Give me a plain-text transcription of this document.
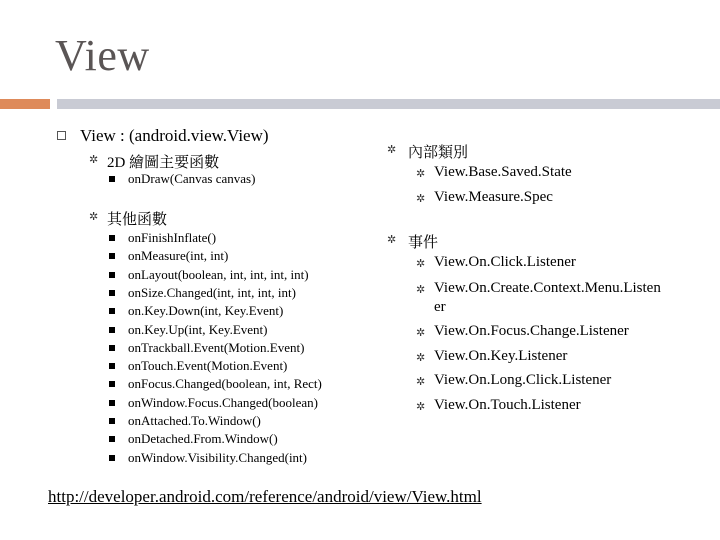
View
View : (android.view.View)
✲ 2D 繪圖主要函數
onDraw(Canvas canvas)
✲ 其他函數
onFinishInflate()
onMeasure(int, int)
onLayout(boolean, int, int, int, int)
onSize.Changed(int, int, int, int)
on.Key.Down(int, Key.Event)
on.Key.Up(int, Key.Event)
onTrackball.Event(Motion.Event)
onTouch.Event(Motion.Event)
onFocus.Changed(boolean, int, Rect)
onWindow.Focus.Changed(boolean)
onAttached.To.Window()
onDetached.From.Window()
onWindow.Visibility.Changed(int)
✲ 內部類別
✲ View.Base.Saved.State
✲ View.Measure.Spec
✲ 事件
✲ View.On.Click.Listener
✲ View.On.Create.Context.Menu.Listen
er
✲ View.On.Focus.Change.Listener
✲ View.On.Key.Listener
✲ View.On.Long.Click.Listener
✲ View.On.Touch.Listener
http://developer.android.com/reference/android/view/View.html
